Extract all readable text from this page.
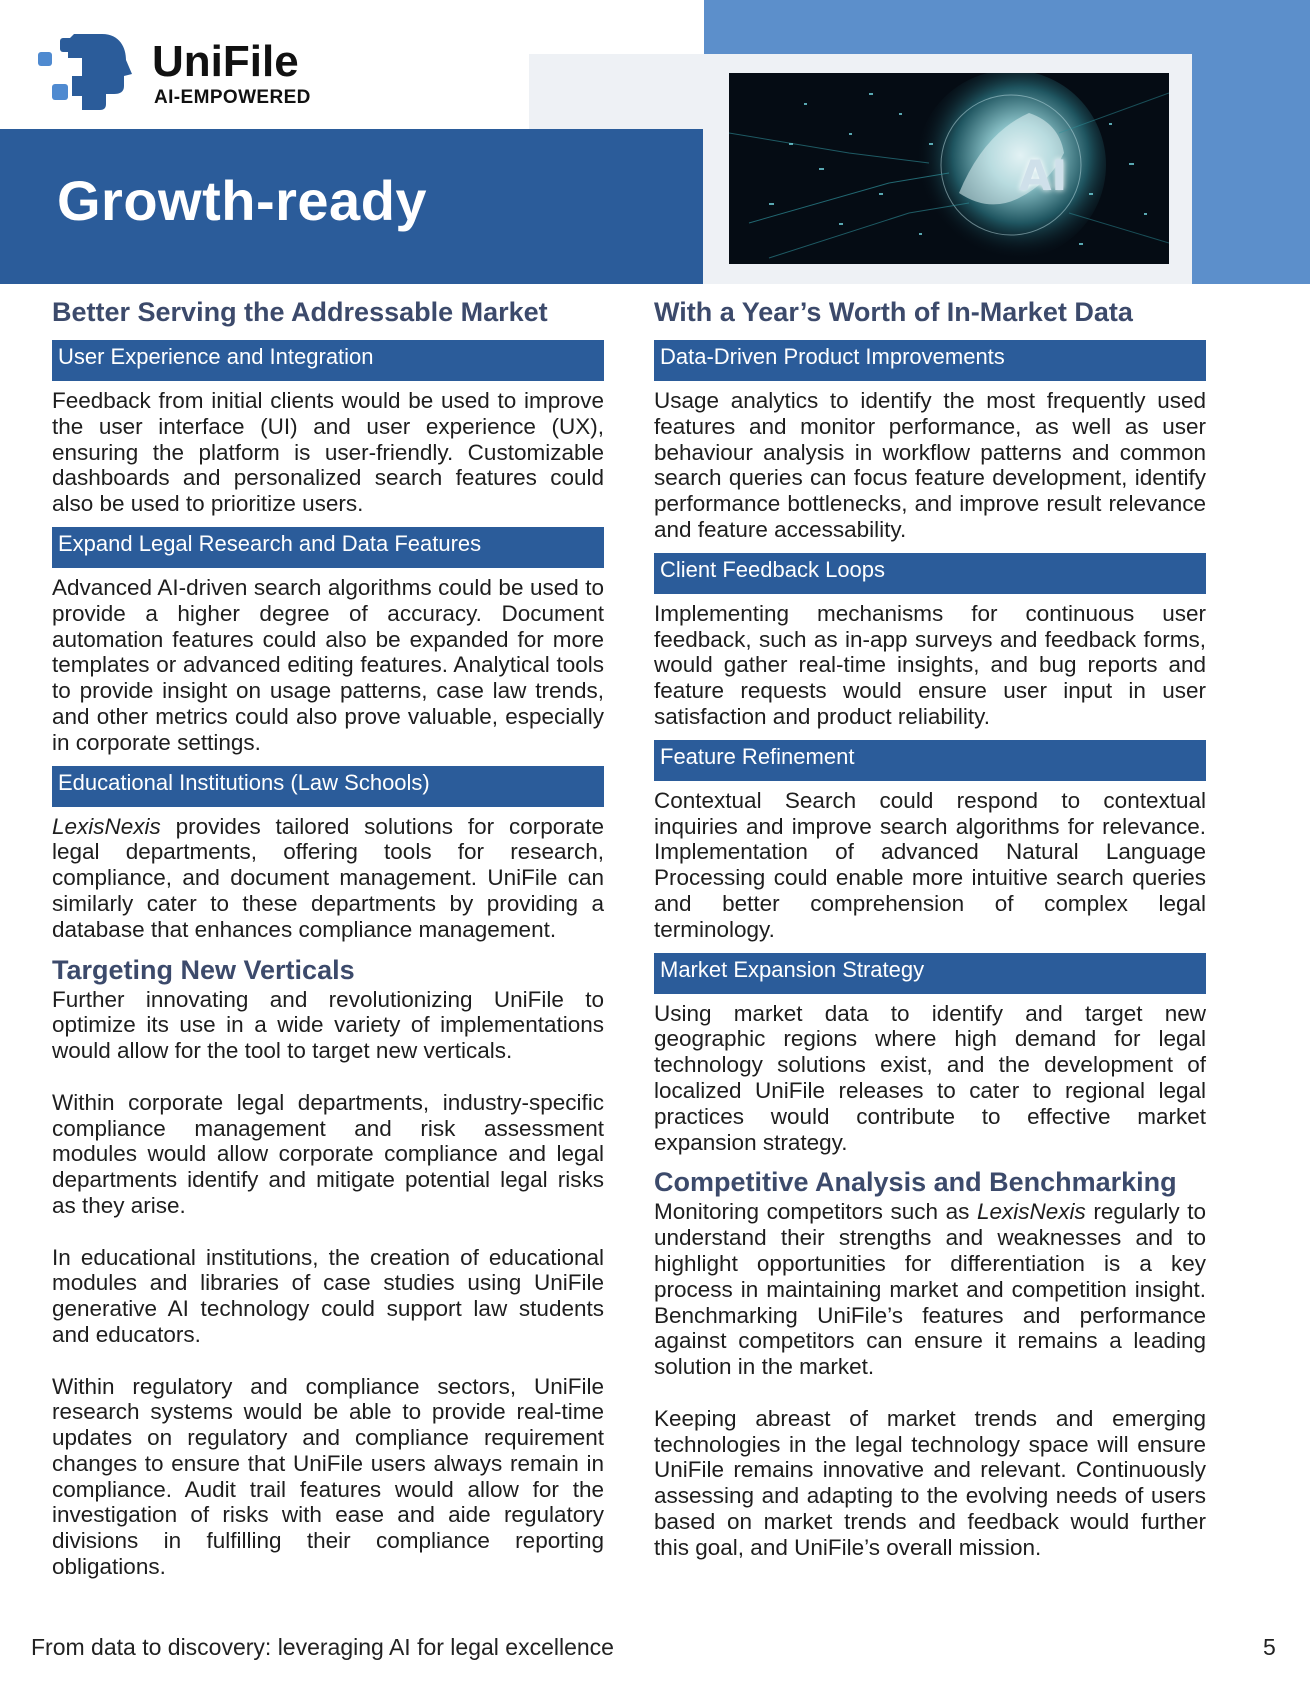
Growth-ready
UniFile
AI-EMPOWERED
AI
Better Serving the Addressable Market
User Experience and Integration

Feedback from initial clients would be used to improve the user interface (UI) and user experience (UX), ensuring the platform is user-friendly. Customizable dashboards and personalized search features could also be used to prioritize users.

Expand Legal Research and Data Features

Advanced AI-driven search algorithms could be used to provide a higher degree of accuracy. Document automation features could also be expanded for more templates or advanced editing features. Analytical tools to provide insight on usage patterns, case law trends, and other metrics could also prove valuable, especially in corporate settings.

Educational Institutions (Law Schools)

LexisNexis provides tailored solutions for corporate legal departments, offering tools for research, compliance, and document management. UniFile can similarly cater to these departments by providing a database that enhances compliance management.

Targeting New Verticals

Further innovating and revolutionizing UniFile to optimize its use in a wide variety of implementations would allow for the tool to target new verticals.

Within corporate legal departments, industry-specific compliance management and risk assessment modules would allow corporate compliance and legal departments identify and mitigate potential legal risks as they arise.

In educational institutions, the creation of educational modules and libraries of case studies using UniFile generative AI technology could support law students and educators.

Within regulatory and compliance sectors, UniFile research systems would be able to provide real-time updates on regulatory and compliance requirement changes to ensure that UniFile users always remain in compliance. Audit trail features would allow for the investigation of risks with ease and aide regulatory divisions in fulfilling their compliance reporting obligations.

With a Year’s Worth of In-Market Data
Data-Driven Product Improvements

Usage analytics to identify the most frequently used features and monitor performance, as well as user behaviour analysis in workflow patterns and common search queries can focus feature development, identify performance bottlenecks, and improve result relevance and feature accessability.

Client Feedback Loops

Implementing mechanisms for continuous user feedback, such as in-app surveys and feedback forms, would gather real-time insights, and bug reports and feature requests would ensure user input in user satisfaction and product reliability.

Feature Refinement

Contextual Search could respond to contextual inquiries and improve search algorithms for relevance. Implementation of advanced Natural Language Processing could enable more intuitive search queries and better comprehension of complex legal terminology.

Market Expansion Strategy

Using market data to identify and target new geographic regions where high demand for legal technology solutions exist, and the development of localized UniFile releases to cater to regional legal practices would contribute to effective market expansion strategy.

Competitive Analysis and Benchmarking

Monitoring competitors such as LexisNexis regularly to understand their strengths and weaknesses and to highlight opportunities for differentiation is a key process in maintaining market and competition insight. Benchmarking UniFile’s features and performance against competitors can ensure it remains a leading solution in the market.

Keeping abreast of market trends and emerging technologies in the legal technology space will ensure UniFile remains innovative and relevant. Continuously assessing and adapting to the evolving needs of users based on market trends and feedback would further this goal, and UniFile’s overall mission.

From data to discovery: leveraging AI for legal excellence	5
